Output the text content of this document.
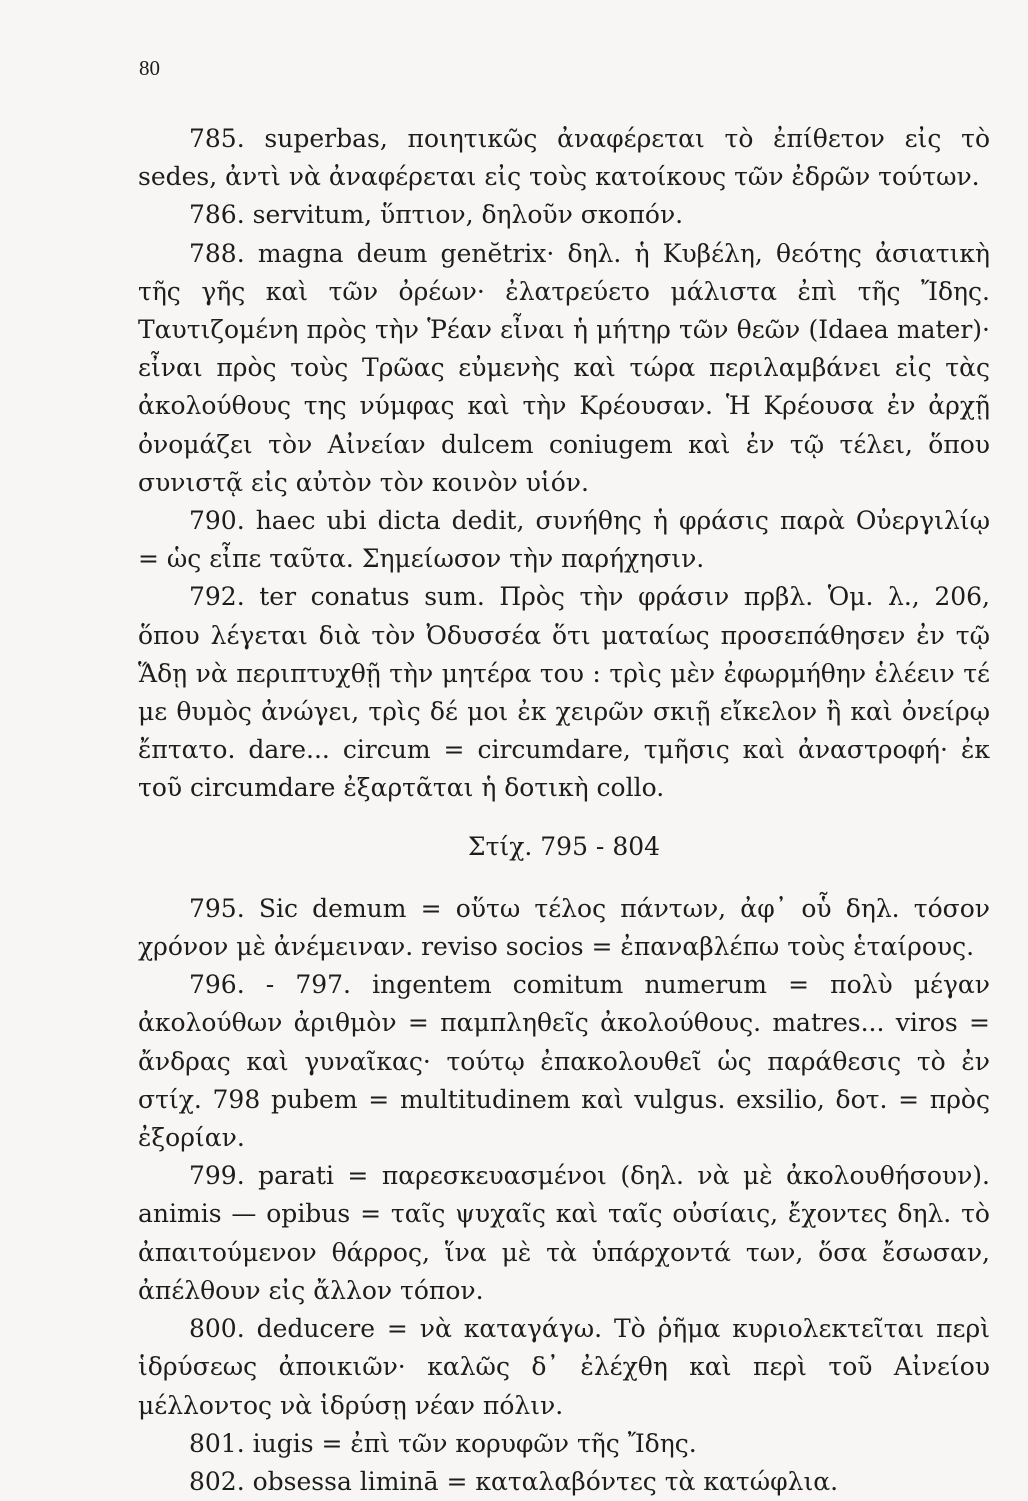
80

785. superbas, ποιητικῶς ἀναφέρεται τὸ ἐπίθετον εἰς τὸ sedes, ἀντὶ νὰ ἀναφέρεται εἰς τοὺς κατοίκους τῶν ἐδρῶν τούτων.

786. servitum, ὕπτιον, δηλοῦν σκοπόν.

788. magna deum genĕtrix· δηλ. ἡ Κυβέλη, θεότης ἀσιατικὴ τῆς γῆς καὶ τῶν ὀρέων· ἐλατρεύετο μάλιστα ἐπὶ τῆς Ἴδης. Ταυτιζομένη πρὸς τὴν Ῥέαν εἶναι ἡ μήτηρ τῶν θεῶν (Idaea mater)· εἶναι πρὸς τοὺς Τρῶας εὐμενὴς καὶ τώρα περιλαμβάνει εἰς τὰς ἀκολούθους της νύμφας καὶ τὴν Κρέουσαν. Ἡ Κρέουσα ἐν ἀρχῇ ὀνομάζει τὸν Αἰνείαν dulcem coniugem καὶ ἐν τῷ τέλει, ὅπου συνιστᾷ εἰς αὐτὸν τὸν κοινὸν υἱόν.

790. haec ubi dicta dedit, συνήθης ἡ φράσις παρὰ Οὐεργιλίῳ = ὡς εἶπε ταῦτα. Σημείωσον τὴν παρήχησιν.

792. ter conatus sum. Πρὸς τὴν φράσιν πρβλ. Ὁμ. λ., 206, ὅπου λέγεται διὰ τὸν Ὀδυσσέα ὅτι ματαίως προσεπάθησεν ἐν τῷ Ἅδῃ νὰ περιπτυχθῇ τὴν μητέρα του : τρὶς μὲν ἐφωρμήθην ἑλέειν τέ με θυμὸς ἀνώγει, τρὶς δέ μοι ἐκ χειρῶν σκιῇ εἴκελον ἢ καὶ ὀνείρῳ ἔπτατο. dare... circum = circumdare, τμῆσις καὶ ἀναστροφή· ἐκ τοῦ circumdare ἐξαρτᾶται ἡ δοτικὴ collo.

Στίχ. 795 - 804

795. Sic demum = οὕτω τέλος πάντων, ἀφ᾽ οὗ δηλ. τόσον χρόνον μὲ ἀνέμειναν. reviso socios = ἐπαναβλέπω τοὺς ἑταίρους.

796. - 797. ingentem comitum numerum = πολὺ μέγαν ἀκολούθων ἀριθμὸν = παμπληθεῖς ἀκολούθους. matres... viros = ἄνδρας καὶ γυναῖκας· τούτῳ ἐπακολουθεῖ ὡς παράθεσις τὸ ἐν στίχ. 798 pubem = multitudinem καὶ vulgus. exsilio, δοτ. = πρὸς ἐξορίαν.

799. parati = παρεσκευασμένοι (δηλ. νὰ μὲ ἀκολουθήσουν). animis — opibus = ταῖς ψυχαῖς καὶ ταῖς οὐσίαις, ἔχοντες δηλ. τὸ ἀπαιτούμενον θάρρος, ἵνα μὲ τὰ ὑπάρχοντά των, ὅσα ἔσωσαν, ἀπέλθουν εἰς ἄλλον τόπον.

800. deducere = νὰ καταγάγω. Τὸ ῥῆμα κυριολεκτεῖται περὶ ἱδρύσεως ἀποικιῶν· καλῶς δ᾽ ἐλέχθη καὶ περὶ τοῦ Αἰνείου μέλλοντος νὰ ἱδρύσῃ νέαν πόλιν.

801. iugis = ἐπὶ τῶν κορυφῶν τῆς Ἴδης.

802. obsessa liminā = καταλαβόντες τὰ κατώφλια.
